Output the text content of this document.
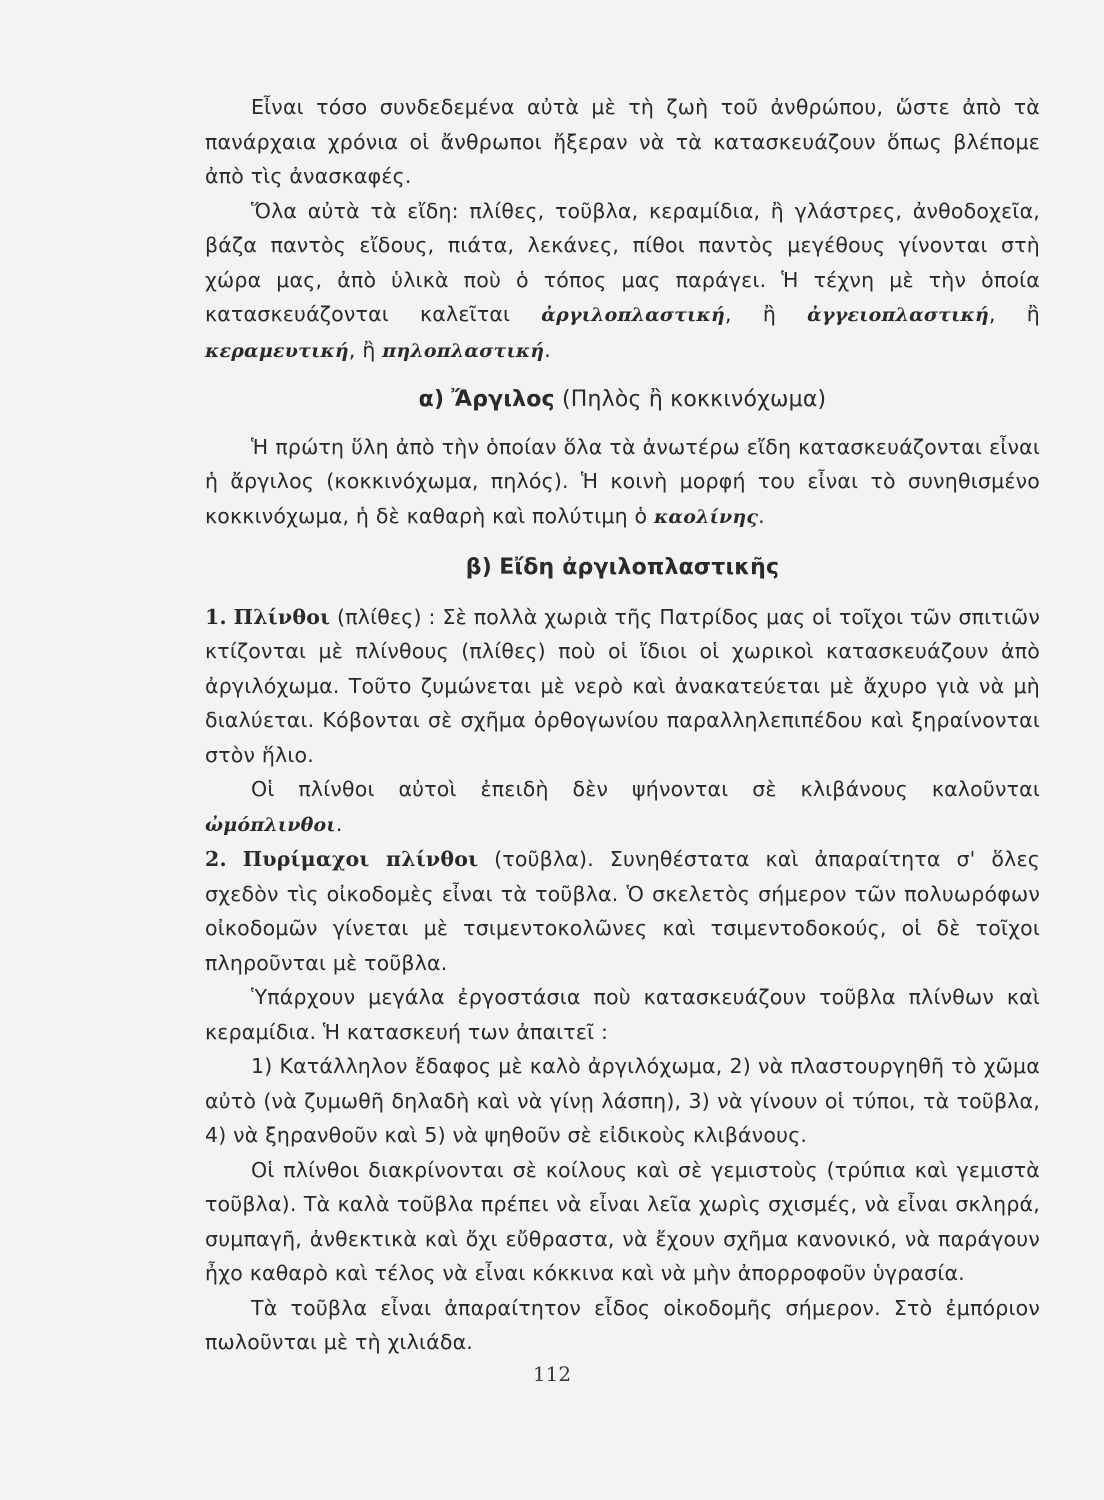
Εἶναι τόσο συνδεδεμένα αὐτὰ μὲ τὴ ζωὴ τοῦ ἀνθρώπου, ὥστε ἀπὸ τὰ πανάρχαια χρόνια οἱ ἄνθρωποι ἤξεραν νὰ τὰ κατασκευάζουν ὅπως βλέπομε ἀπὸ τὶς ἀνασκαφές.

Ὅλα αὐτὰ τὰ εἴδη: πλίθες, τοῦβλα, κεραμίδια, ἢ γλάστρες, ἀνθοδοχεῖα, βάζα παντὸς εἴδους, πιάτα, λεκάνες, πίθοι παντὸς μεγέθους γίνονται στὴ χώρα μας, ἀπὸ ὑλικὰ ποὺ ὁ τόπος μας παράγει. Ἡ τέχνη μὲ τὴν ὁποία κατασκευάζονται καλεῖται ἀργιλοπλαστική, ἢ ἀγγειοπλαστική, ἢ κεραμευτική, ἢ πηλοπλαστική.

α) Ἄργιλος (Πηλὸς ἢ κοκκινόχωμα)

Ἡ πρώτη ὕλη ἀπὸ τὴν ὁποίαν ὅλα τὰ ἀνωτέρω εἴδη κατασκευάζονται εἶναι ἡ ἄργιλος (κοκκινόχωμα, πηλός). Ἡ κοινὴ μορφή του εἶναι τὸ συνηθισμένο κοκκινόχωμα, ἡ δὲ καθαρὴ καὶ πολύτιμη ὁ καολίνης.

β) Εἴδη ἀργιλοπλαστικῆς

1. Πλίνθοι (πλίθες) : Σὲ πολλὰ χωριὰ τῆς Πατρίδος μας οἱ τοῖχοι τῶν σπιτιῶν κτίζονται μὲ πλίνθους (πλίθες) ποὺ οἱ ἴδιοι οἱ χωρικοὶ κατασκευάζουν ἀπὸ ἀργιλόχωμα. Τοῦτο ζυμώνεται μὲ νερὸ καὶ ἀνακατεύεται μὲ ἄχυρο γιὰ νὰ μὴ διαλύεται. Κόβονται σὲ σχῆμα ὀρθογωνίου παραλληλεπιπέδου καὶ ξηραίνονται στὸν ἥλιο.

Οἱ πλίνθοι αὐτοὶ ἐπειδὴ δὲν ψήνονται σὲ κλιβάνους καλοῦνται ὠμόπλινθοι.

2. Πυρίμαχοι πλίνθοι (τοῦβλα). Συνηθέστατα καὶ ἀπαραίτητα σ' ὅλες σχεδὸν τὶς οἰκοδομὲς εἶναι τὰ τοῦβλα. Ὁ σκελετὸς σήμερον τῶν πολυωρόφων οἰκοδομῶν γίνεται μὲ τσιμεντοκολῶνες καὶ τσιμεντοδοκούς, οἱ δὲ τοῖχοι πληροῦνται μὲ τοῦβλα.

Ὑπάρχουν μεγάλα ἐργοστάσια ποὺ κατασκευάζουν τοῦβλα πλίνθων καὶ κεραμίδια. Ἡ κατασκευή των ἀπαιτεῖ :

1) Κατάλληλον ἔδαφος μὲ καλὸ ἀργιλόχωμα, 2) νὰ πλαστουργηθῆ τὸ χῶμα αὐτὸ (νὰ ζυμωθῆ δηλαδὴ καὶ νὰ γίνῃ λάσπη), 3) νὰ γίνουν οἱ τύποι, τὰ τοῦβλα, 4) νὰ ξηρανθοῦν καὶ 5) νὰ ψηθοῦν σὲ εἰδικοὺς κλιβάνους.

Οἱ πλίνθοι διακρίνονται σὲ κοίλους καὶ σὲ γεμιστοὺς (τρύπια καὶ γεμιστὰ τοῦβλα). Τὰ καλὰ τοῦβλα πρέπει νὰ εἶναι λεῖα χωρὶς σχισμές, νὰ εἶναι σκληρά, συμπαγῆ, ἀνθεκτικὰ καὶ ὄχι εὔθραστα, νὰ ἔχουν σχῆμα κανονικό, νὰ παράγουν ἦχο καθαρὸ καὶ τέλος νὰ εἶναι κόκκινα καὶ νὰ μὴν ἀπορροφοῦν ὑγρασία.

Τὰ τοῦβλα εἶναι ἀπαραίτητον εἶδος οἰκοδομῆς σήμερον. Στὸ ἐμπόριον πωλοῦνται μὲ τὴ χιλιάδα.

112
